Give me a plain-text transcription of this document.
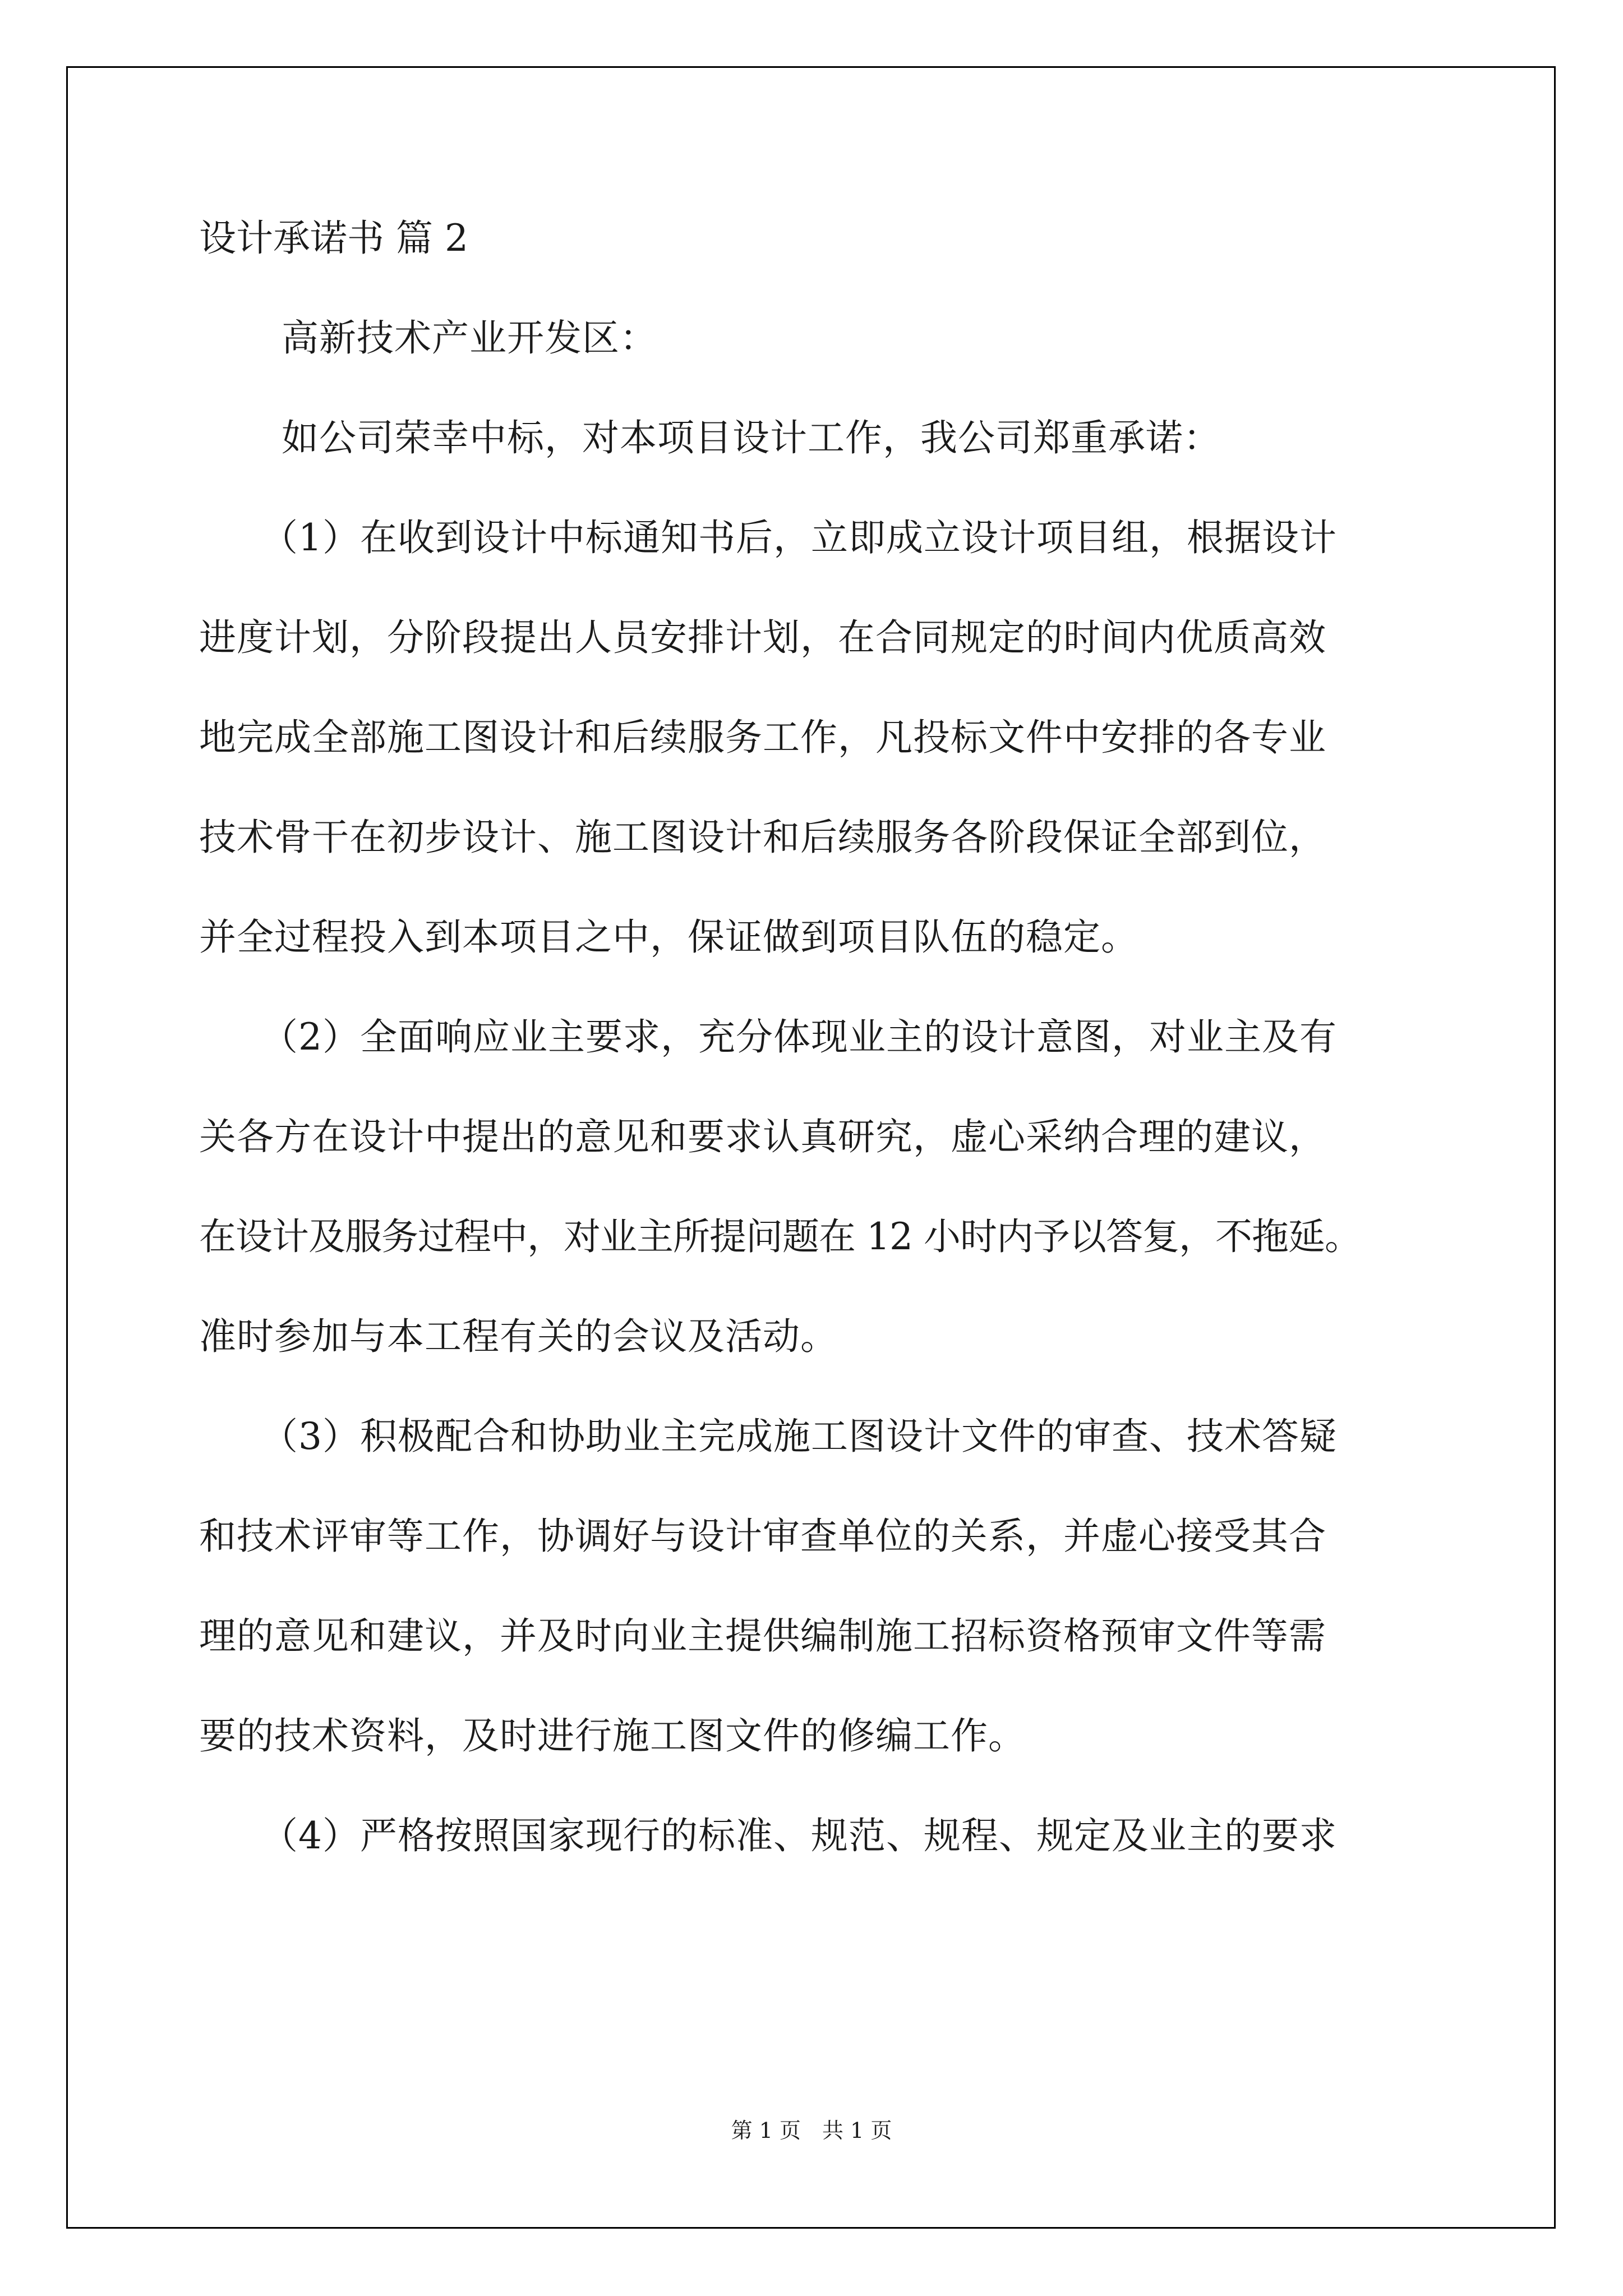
设计承诺书 篇 2
高新技术产业开发区：
如公司荣幸中标，对本项目设计工作，我公司郑重承诺：
（1）在收到设计中标通知书后，立即成立设计项目组，根据设计
进度计划，分阶段提出人员安排计划，在合同规定的时间内优质高效
地完成全部施工图设计和后续服务工作，凡投标文件中安排的各专业
技术骨干在初步设计、施工图设计和后续服务各阶段保证全部到位，
并全过程投入到本项目之中，保证做到项目队伍的稳定。
（2）全面响应业主要求，充分体现业主的设计意图，对业主及有
关各方在设计中提出的意见和要求认真研究，虚心采纳合理的建议，
在设计及服务过程中，对业主所提问题在 12 小时内予以答复，不拖延。
准时参加与本工程有关的会议及活动。
（3）积极配合和协助业主完成施工图设计文件的审查、技术答疑
和技术评审等工作，协调好与设计审查单位的关系，并虚心接受其合
理的意见和建议，并及时向业主提供编制施工招标资格预审文件等需
要的技术资料，及时进行施工图文件的修编工作。
（4）严格按照国家现行的标准、规范、规程、规定及业主的要求
第 1 页　共 1 页
